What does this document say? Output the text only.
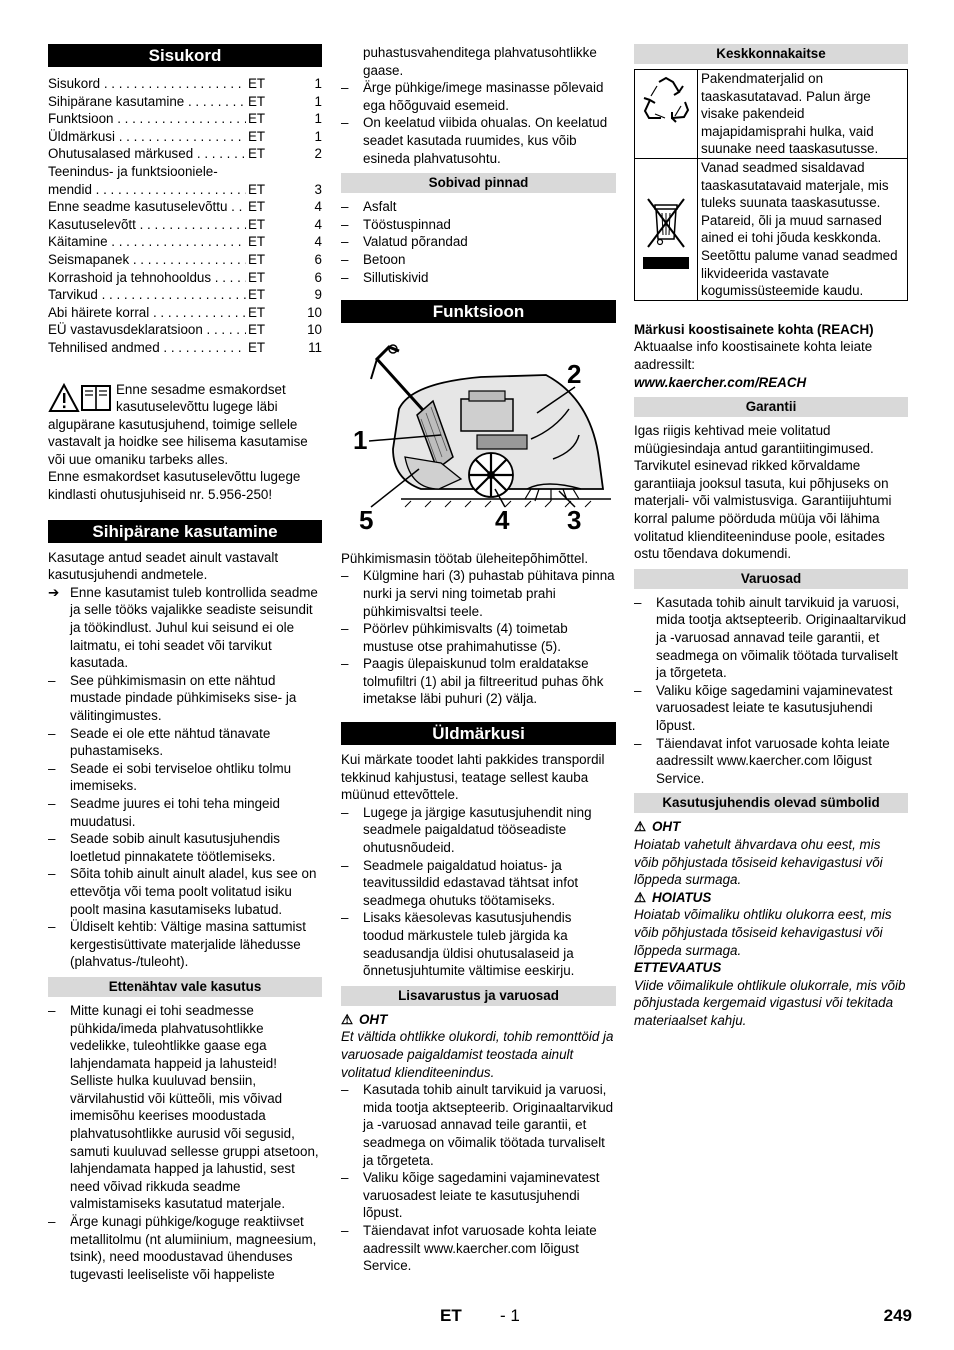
Sisukord
Sisukord . . .	ET	1
Sihipärane kasutamine . . .	ET	1
Funktsioon . . .	ET	1
Üldmärkusi . . .	ET	1
Ohutusalased märkused . . .	ET	2
Teenindus- ja funktsiooniele-
mendid . . .	ET	3
Enne seadme kasutuselevõttu . . .	ET	4
Kasutuselevõtt . . .	ET	4
Käitamine . . .	ET	4
Seismapanek . . .	ET	6
Korrashoid ja tehnohooldus . . .	ET	6
Tarvikud . . .	ET	9
Abi häirete korral . . .	ET	10
EÜ vastavusdeklaratsioon . . .	ET	10
Tehnilised andmed . . .	ET	11

Enne sesadme esmakordset kasutuselevõttu lugege läbi algupärane kasutusjuhend, toimige sellele vastavalt ja hoidke see hilisema kasutamise või uue omaniku tarbeks alles.

Enne esmakordset kasutuselevõttu lugege kindlasti ohutusjuhiseid nr. 5.956-250!

Sihipärane kasutamine

Kasutage antud seadet ainult vastavalt kasutusjuhendi andmetele.

➔ Enne kasutamist tuleb kontrollida seadme ja selle tööks vajalikke seadiste seisundit ja töökindlust. Juhul kui seisund ei ole laitmatu, ei tohi seadet või tarvikut kasutada.
–	See pühkimismasin on ette nähtud mustade pindade pühkimiseks sise- ja välitingimustes.
–	Seade ei ole ette nähtud tänavate puhastamiseks.
–	Seade ei sobi terviseloe ohtliku tolmu imemiseks.
–	Seadme juures ei tohi teha mingeid muudatusi.
–	Seade sobib ainult kasutusjuhendis loetletud pinnakatete töötlemiseks.
–	Sõita tohib ainult ainult aladel, kus see on ettevõtja või tema poolt volitatud isiku poolt masina kasutamiseks lubatud.
–	Üldiselt kehtib: Vältige masina sattumist kergestisüttivate materjalide lähedusse (plahvatus-/tuleoht).
Ettenähtav vale kasutus
–	Mitte kunagi ei tohi seadmesse pühkida/imeda plahvatusohtlikke vedelikke, tuleohtlikke gaase ega lahjendamata happeid ja lahusteid! Selliste hulka kuuluvad bensiin, värvilahustid või kütteõli, mis võivad imemisõhu keerises moodustada plahvatusohtlikke aurusid või segusid, samuti kuuluvad sellesse gruppi atsetoon, lahjendamata happed ja lahustid, sest need võivad rikkuda seadme valmistamiseks kasutatud materjale.
–	Ärge kunagi pühkige/koguge reaktiivset metallitolmu (nt alumiinium, magneesium, tsink), need moodustavad ühenduses tugevasti leeliseliste või happeliste

puhastusvahenditega plahvatusohtlikke gaase.

–	Ärge pühkige/imege masinasse põlevaid ega hõõguvaid esemeid.
–	On keelatud viibida ohualas. On keelatud seadet kasutada ruumides, kus võib esineda plahvatusohtu.
Sobivad pinnad
–	Asfalt
–	Tööstuspinnad
–	Valatud põrandad
–	Betoon
–	Sillutiskivid
Funktsioon
1
2
3
4
5

Pühkimismasin töötab üleheitepõhimõttel.

–	Külgmine hari (3) puhastab pühitava pinna nurki ja servi ning toimetab prahi pühkimisvaltsi teele.
–	Pöörlev pühkimisvalts (4) toimetab mustuse otse prahimahutisse (5).
–	Paagis ülepaiskunud tolm eraldatakse tolmufiltri (1) abil ja filtreeritud puhas õhk imetakse läbi puhuri (2) välja.
Üldmärkusi

Kui märkate toodet lahti pakkides transpordil tekkinud kahjustusi, teatage sellest kauba müünud ettevõttele.

–	Lugege ja järgige kasutusjuhendit ning seadmele paigaldatud tööseadiste ohutusnõudeid.
–	Seadmele paigaldatud hoiatus- ja teavitussildid edastavad tähtsat infot seadmega ohutuks töötamiseks.
–	Lisaks käesolevas kasutusjuhendis toodud märkustele tuleb järgida ka seadusandja üldisi ohutusalaseid ja õnnetusjuhtumite vältimise eeskirju.
Lisavarustus ja varuosad

⚠ OHT

Et vältida ohtlikke olukordi, tohib remonttöid ja varuosade paigaldamist teostada ainult volitatud klienditeenindus.

–	Kasutada tohib ainult tarvikuid ja varuosi, mida tootja aktsepteerib. Originaaltarvikud ja -varuosad annavad teile garantii, et seadmega on võimalik töötada turvaliselt ja tõrgeteta.
–	Valiku kõige sagedamini vajaminevatest varuosadest leiate te kasutusjuhendi lõpust.
–	Täiendavat infot varuosade kohta leiate aadressilt www.kaercher.com lõigust Service.
Keskkonnakaitse
Pakendmaterjalid on taaskasutatavad. Palun ärge visake pakendeid majapidamisprahi hulka, vaid suunake need taaskasutusse.
Vanad seadmed sisaldavad taaskasutatavaid materjale, mis tuleks suunata taaskasutusse. Patareid, õli ja muud sarnased ained ei tohi jõuda keskkonda. Seetõttu palume vanad seadmed likvideerida vastavate kogumissüsteemide kaudu.

Märkusi koostisainete kohta (REACH)

Aktuaalse info koostisainete kohta leiate aadressilt:

www.kaercher.com/REACH

Garantii

Igas riigis kehtivad meie volitatud müügiesindaja antud garantiitingimused. Tarvikutel esinevad rikked kõrvaldame garantiiaja jooksul tasuta, kui põhjuseks on materjali- või valmistusviga. Garantiijuhtumi korral palume pöörduda müüja või lähima volitatud klienditeeninduse poole, esitades ostu tõendava dokumendi.

Varuosad
–	Kasutada tohib ainult tarvikuid ja varuosi, mida tootja aktsepteerib. Originaaltarvikud ja -varuosad annavad teile garantii, et seadmega on võimalik töötada turvaliselt ja tõrgeteta.
–	Valiku kõige sagedamini vajaminevatest varuosadest leiate te kasutusjuhendi lõpust.
–	Täiendavat infot varuosade kohta leiate aadressilt www.kaercher.com lõigust Service.
Kasutusjuhendis olevad sümbolid

⚠ OHT

Hoiatab vahetult ähvardava ohu eest, mis võib põhjustada tõsiseid kehavigastusi või lõppeda surmaga.

⚠ HOIATUS

Hoiatab võimaliku ohtliku olukorra eest, mis võib põhjustada tõsiseid kehavigastusi või lõppeda surmaga.

ETTEVAATUS

Viide võimalikule ohtlikule olukorrale, mis võib põhjustada kergemaid vigastusi või tekitada materiaalset kahju.

ET - 1	249
